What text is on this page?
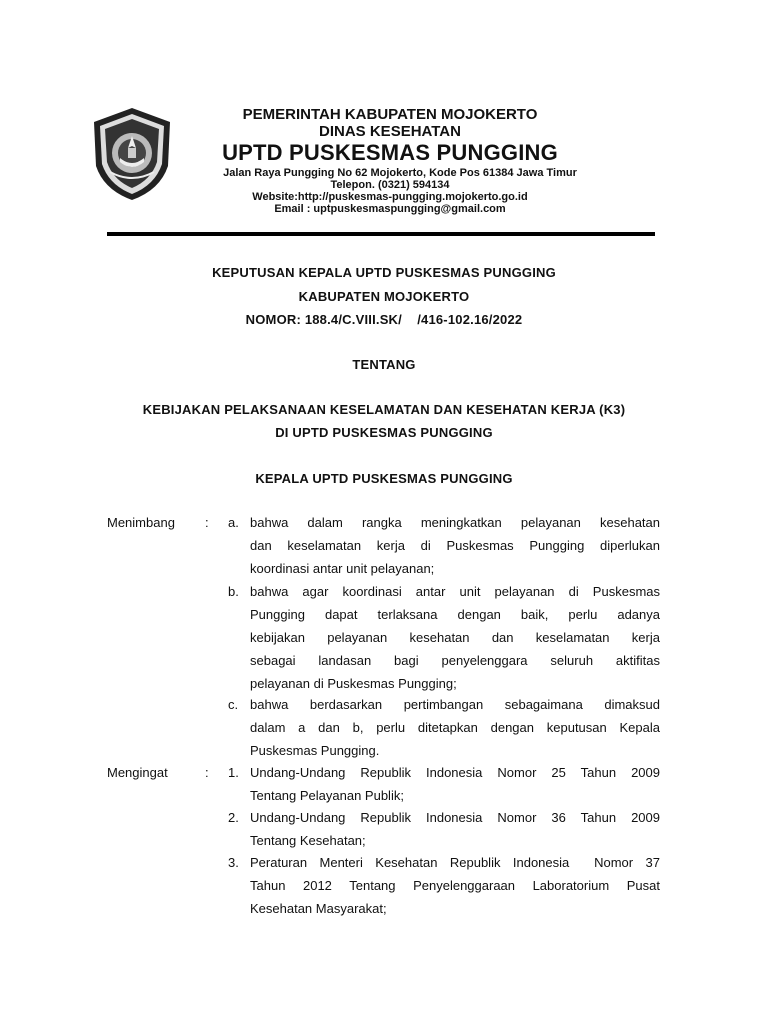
PEMERINTAH KABUPATEN MOJOKERTO
DINAS KESEHATAN
UPTD PUSKESMAS PUNGGING
Jalan Raya Pungging No 62 Mojokerto, Kode Pos 61384 Jawa Timur
Telepon. (0321) 594134
Website:http://puskesmas-pungging.mojokerto.go.id
Email : uptpuskesmaspungging@gmail.com
KEPUTUSAN KEPALA UPTD PUSKESMAS PUNGGING
KABUPATEN MOJOKERTO
NOMOR: 188.4/C.VIII.SK/    /416-102.16/2022
TENTANG
KEBIJAKAN PELAKSANAAN KESELAMATAN DAN KESEHATAN KERJA (K3)
DI UPTD PUSKESMAS PUNGGING
KEPALA UPTD PUSKESMAS PUNGGING
Menimbang : a. bahwa dalam rangka meningkatkan pelayanan kesehatan
dan keselamatan kerja di Puskesmas Pungging diperlukan
koordinasi antar unit pelayanan;
b. bahwa agar koordinasi antar unit pelayanan di Puskesmas
Pungging dapat terlaksana dengan baik, perlu adanya
kebijakan pelayanan kesehatan dan keselamatan kerja
sebagai landasan bagi penyelenggara seluruh aktifitas
pelayanan di Puskesmas Pungging;
c. bahwa berdasarkan pertimbangan sebagaimana dimaksud
dalam a dan b, perlu ditetapkan dengan keputusan Kepala
Puskesmas Pungging.
Mengingat	: 1. Undang-Undang Republik Indonesia Nomor 25 Tahun 2009
Tentang Pelayanan Publik;
2. Undang-Undang Republik Indonesia Nomor 36 Tahun 2009
Tentang Kesehatan;
3. Peraturan Menteri Kesehatan Republik Indonesia  Nomor 37
Tahun 2012 Tentang Penyelenggaraan Laboratorium Pusat
Kesehatan Masyarakat;
